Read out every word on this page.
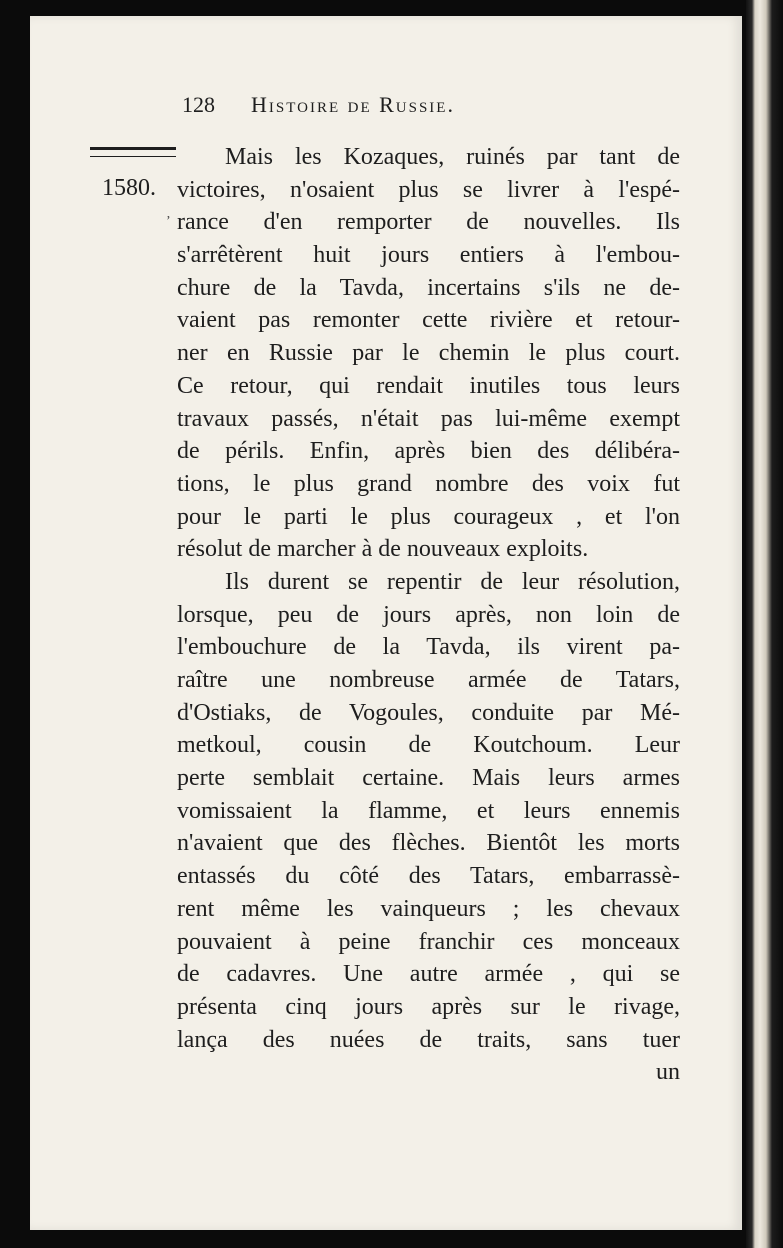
128 Histoire de Russie.
1580.
ʼ
Mais les Kozaques, ruinés par tant de
victoires, n'osaient plus se livrer à l'espé-
rance d'en remporter de nouvelles. Ils
s'arrêtèrent huit jours entiers à l'embou-
chure de la Tavda, incertains s'ils ne de-
vaient pas remonter cette rivière et retour-
ner en Russie par le chemin le plus court.
Ce retour, qui rendait inutiles tous leurs
travaux passés, n'était pas lui-même exempt
de périls. Enfin, après bien des délibéra-
tions, le plus grand nombre des voix fut
pour le parti le plus courageux , et l'on
résolut de marcher à de nouveaux exploits.
Ils durent se repentir de leur résolution,
lorsque, peu de jours après, non loin de
l'embouchure de la Tavda, ils virent pa-
raître une nombreuse armée de Tatars,
d'Ostiaks, de Vogoules, conduite par Mé-
metkoul, cousin de Koutchoum. Leur
perte semblait certaine. Mais leurs armes
vomissaient la flamme, et leurs ennemis
n'avaient que des flèches. Bientôt les morts
entassés du côté des Tatars, embarrassè-
rent même les vainqueurs ; les chevaux
pouvaient à peine franchir ces monceaux
de cadavres. Une autre armée , qui se
présenta cinq jours après sur le rivage,
lança des nuées de traits, sans tuer
un
